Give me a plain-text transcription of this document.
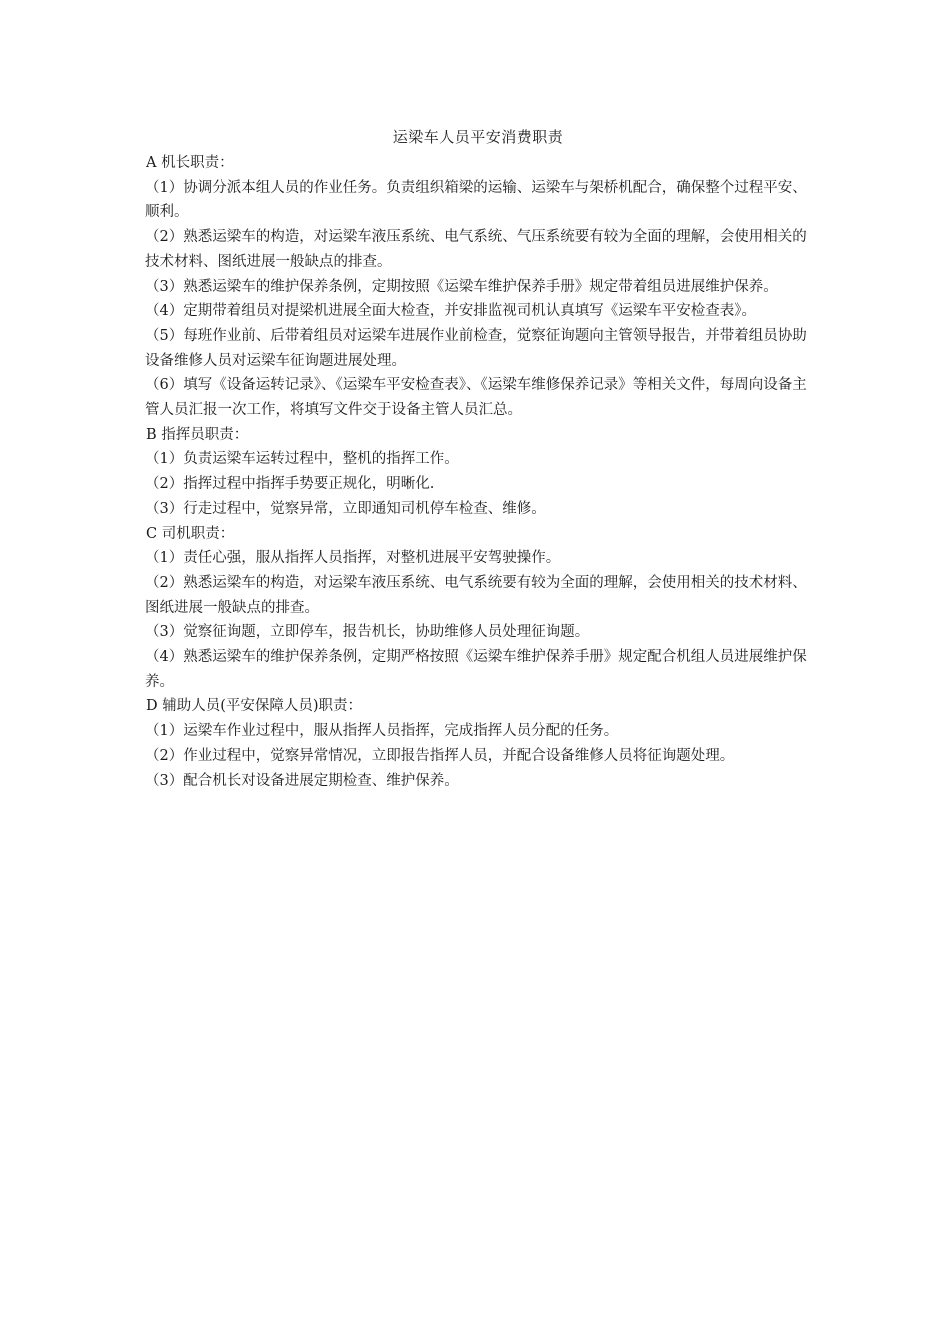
运梁车人员平安消费职责
A 机长职责：
（1）协调分派本组人员的作业任务。负责组织箱梁的运输、运梁车与架桥机配合，确保整个过程平安、顺利。
（2）熟悉运梁车的构造，对运梁车液压系统、电气系统、气压系统要有较为全面的理解，会使用相关的技术材料、图纸进展一般缺点的排查。
（3）熟悉运梁车的维护保养条例，定期按照《运梁车维护保养手册》规定带着组员进展维护保养。
（4）定期带着组员对提梁机进展全面大检查，并安排监视司机认真填写《运梁车平安检查表》。
（5）每班作业前、后带着组员对运梁车进展作业前检查，觉察征询题向主管领导报告，并带着组员协助设备维修人员对运梁车征询题进展处理。
（6）填写《设备运转记录》、《运梁车平安检查表》、《运梁车维修保养记录》等相关文件，每周向设备主管人员汇报一次工作，将填写文件交于设备主管人员汇总。
B 指挥员职责：
（1）负责运梁车运转过程中，整机的指挥工作。
（2）指挥过程中指挥手势要正规化，明晰化.
（3）行走过程中，觉察异常，立即通知司机停车检查、维修。
C 司机职责：
（1）责任心强，服从指挥人员指挥，对整机进展平安驾驶操作。
（2）熟悉运梁车的构造，对运梁车液压系统、电气系统要有较为全面的理解，会使用相关的技术材料、图纸进展一般缺点的排查。
（3）觉察征询题，立即停车，报告机长，协助维修人员处理征询题。
（4）熟悉运梁车的维护保养条例，定期严格按照《运梁车维护保养手册》规定配合机组人员进展维护保养。
D 辅助人员(平安保障人员)职责：
（1）运梁车作业过程中，服从指挥人员指挥，完成指挥人员分配的任务。
（2）作业过程中，觉察异常情况，立即报告指挥人员，并配合设备维修人员将征询题处理。
（3）配合机长对设备进展定期检查、维护保养。
